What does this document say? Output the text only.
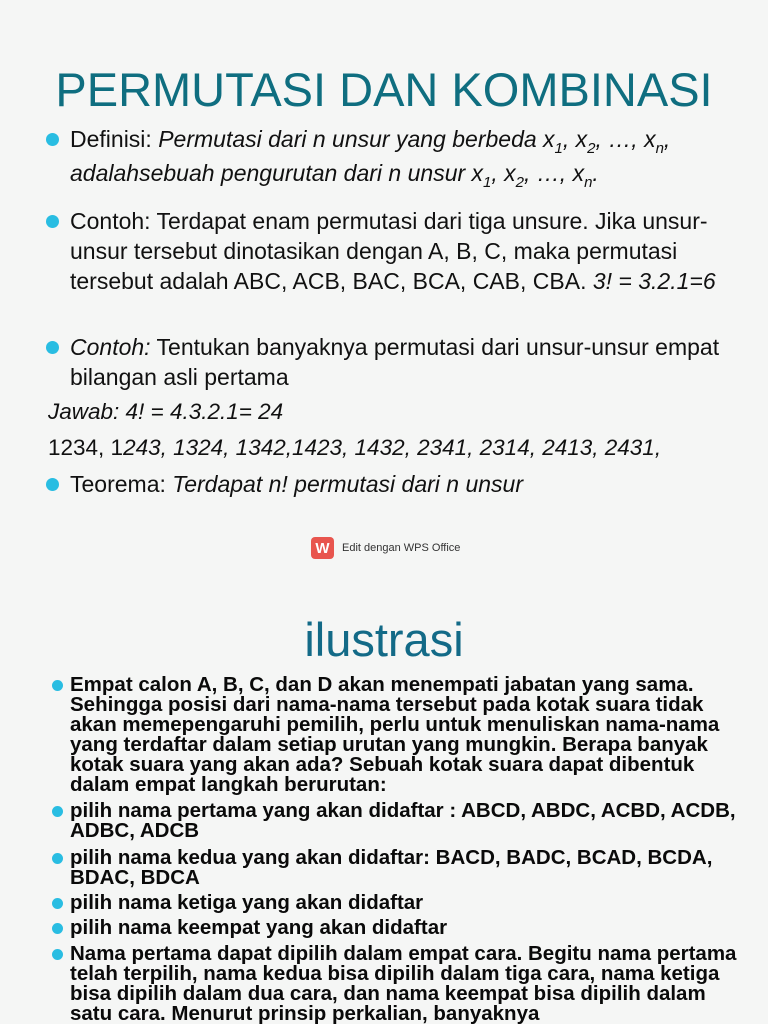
PERMUTASI DAN KOMBINASI
Definisi: Permutasi dari n unsur yang berbeda $x_1$, $x_2$, …, $x_n$,
adalahsebuah pengurutan dari n unsur $x_1$, $x_2$, …, $x_n$.
Contoh: Terdapat enam permutasi dari tiga unsure. Jika unsur-unsur tersebut dinotasikan dengan A, B, C, maka permutasi tersebut adalah ABC, ACB, BAC, BCA, CAB, CBA. 3! = 3.2.1=6
Contoh: Tentukan banyaknya permutasi dari unsur-unsur empat bilangan asli pertama
Jawab: 4! = 4.3.2.1= 24
1234, 1243, 1324, 1342,1423, 1432, 2341, 2314, 2413, 2431,
Teorema: Terdapat n! permutasi dari n unsur
W	Edit dengan WPS Office
ilustrasi
Empat calon A, B, C, dan D akan menempati jabatan yang sama. Sehingga posisi dari nama-nama tersebut pada kotak suara tidak akan memepengaruhi pemilih, perlu untuk menuliskan nama-nama yang terdaftar dalam setiap urutan yang mungkin. Berapa banyak kotak suara yang akan ada? Sebuah kotak suara dapat dibentuk dalam empat langkah berurutan:
pilih nama pertama yang akan didaftar : ABCD, ABDC, ACBD, ACDB, ADBC, ADCB
pilih nama kedua yang akan didaftar: BACD, BADC, BCAD, BCDA, BDAC, BDCA
pilih nama ketiga yang akan didaftar
pilih nama keempat yang akan didaftar
Nama pertama dapat dipilih dalam empat cara. Begitu nama pertama telah terpilih, nama kedua bisa dipilih dalam tiga cara, nama ketiga bisa dipilih dalam dua cara, dan nama keempat bisa dipilih dalam satu cara. Menurut prinsip perkalian, banyaknya
